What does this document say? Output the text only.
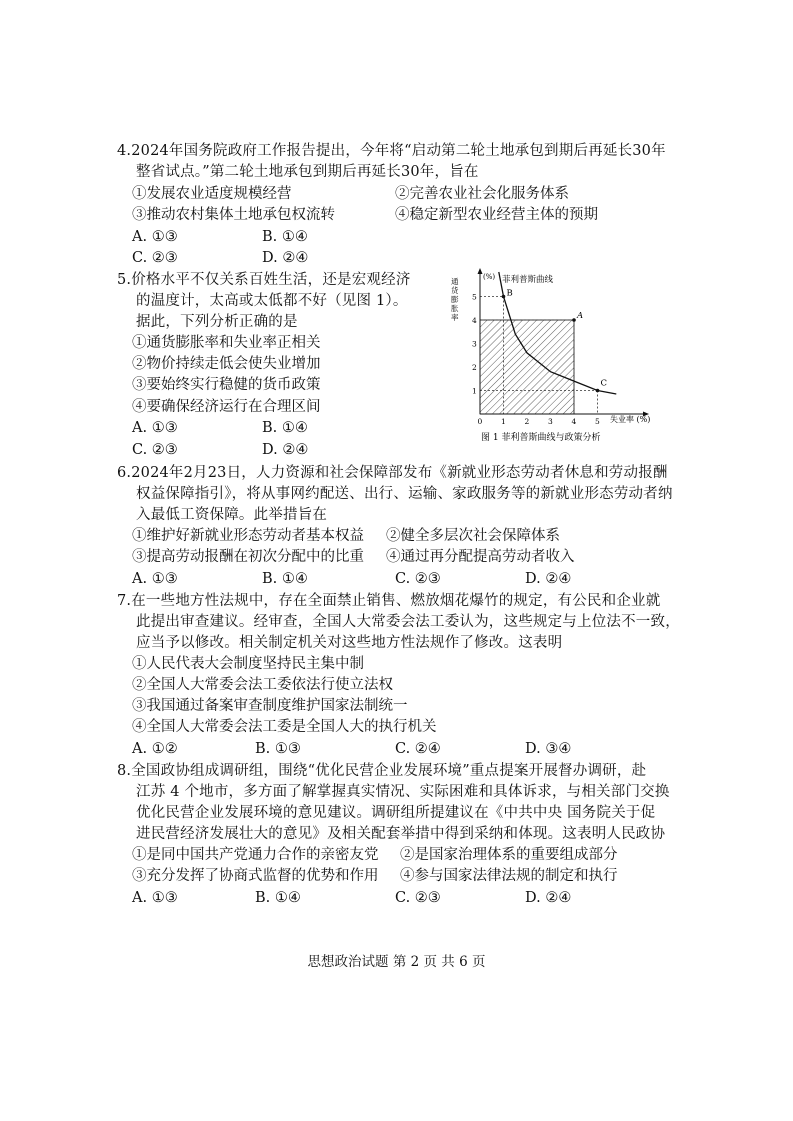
4.2024年国务院政府工作报告提出，今年将“启动第二轮土地承包到期后再延长30年
整省试点。”第二轮土地承包到期后再延长30年，旨在
①发展农业适度规模经营	②完善农业社会化服务体系
③推动农村集体土地承包权流转	④稳定新型农业经营主体的预期
A. ①③	B. ①④
C. ②③	D. ②④
5.价格水平不仅关系百姓生活，还是宏观经济
的温度计，太高或太低都不好（见图 1）。
据此，下列分析正确的是
①通货膨胀率和失业率正相关
②物价持续走低会使失业增加
③要始终实行稳健的货币政策
④要确保经济运行在合理区间
A. ①③	B. ①④
C. ②③	D. ②④
0 1 2 3 4 5
1
2
3
4
5
A
B
C
菲利普斯曲线
(%)
通
货
膨
胀
率
失业率 (%)
图 1 菲利普斯曲线与政策分析
6.2024年2月23日，人力资源和社会保障部发布《新就业形态劳动者休息和劳动报酬
权益保障指引》，将从事网约配送、出行、运输、家政服务等的新就业形态劳动者纳
入最低工资保障。此举措旨在
①维护好新就业形态劳动者基本权益 ②健全多层次社会保障体系
③提高劳动报酬在初次分配中的比重 ④通过再分配提高劳动者收入
A. ①③	B. ①④	C. ②③	D. ②④
7.在一些地方性法规中，存在全面禁止销售、燃放烟花爆竹的规定，有公民和企业就
此提出审查建议。经审查，全国人大常委会法工委认为，这些规定与上位法不一致，
应当予以修改。相关制定机关对这些地方性法规作了修改。这表明
①人民代表大会制度坚持民主集中制
②全国人大常委会法工委依法行使立法权
③我国通过备案审查制度维护国家法制统一
④全国人大常委会法工委是全国人大的执行机关
A. ①②	B. ①③	C. ②④	D. ③④
8.全国政协组成调研组，围绕“优化民营企业发展环境”重点提案开展督办调研，赴
江苏 4 个地市，多方面了解掌握真实情况、实际困难和具体诉求，与相关部门交换
优化民营企业发展环境的意见建议。调研组所提建议在《中共中央 国务院关于促
进民营经济发展壮大的意见》及相关配套举措中得到采纳和体现。这表明人民政协
①是同中国共产党通力合作的亲密友党 ②是国家治理体系的重要组成部分
③充分发挥了协商式监督的优势和作用 ④参与国家法律法规的制定和执行
A. ①③	B. ①④	C. ②③	D. ②④
思想政治试题 第 2 页 共 6 页
